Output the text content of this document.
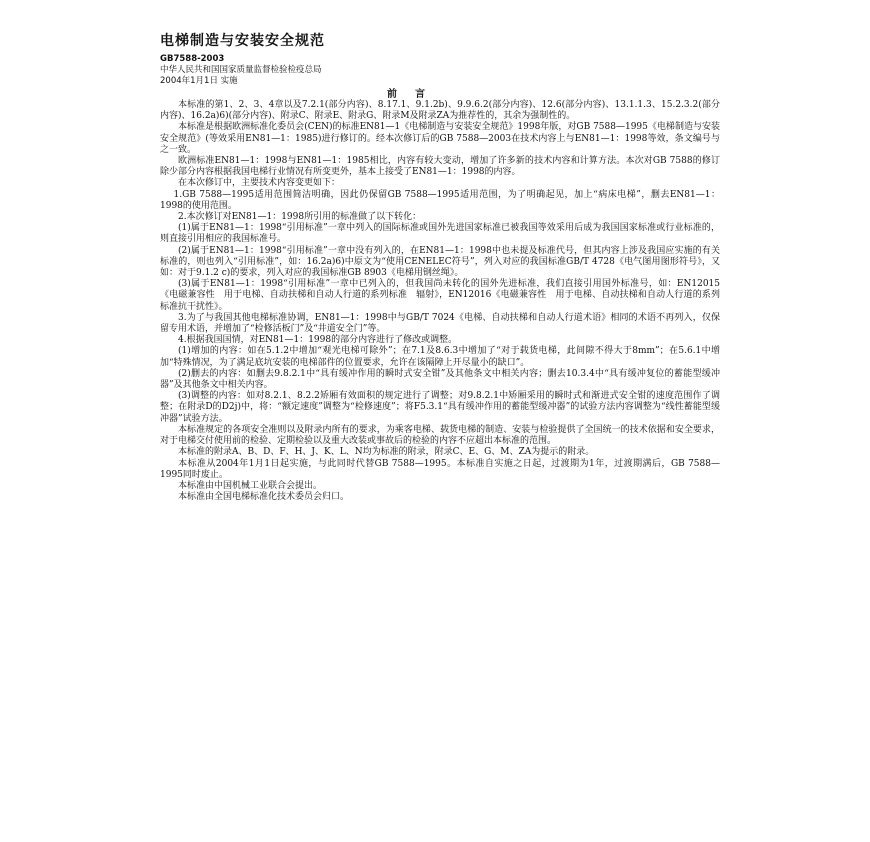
电梯制造与安装安全规范
GB7588-2003
中华人民共和国国家质量监督检验检疫总局
2004年1月1日 实施
前言

本标准的第1、2、3、4章以及7.2.1(部分内容)、8.17.1、9.1.2b)、9.9.6.2(部分内容)、12.6(部分内容)、13.1.1.3、15.2.3.2(部分内容)、16.2a)6)(部分内容)、附录C、附录E、附录G、附录M及附录ZA为推荐性的，其余为强制性的。

本标准是根据欧洲标准化委员会(CEN)的标准EN81—1《电梯制造与安装安全规范》1998年版，对GB 7588—1995《电梯制造与安装安全规范》(等效采用EN81—1：1985)进行修订的。经本次修订后的GB 7588—2003在技术内容上与EN81—1：1998等效，条文编号与之一致。

欧洲标准EN81—1：1998与EN81—1：1985相比，内容有较大变动，增加了许多新的技术内容和计算方法。本次对GB 7588的修订除少部分内容根据我国电梯行业情况有所变更外，基本上接受了EN81—1：1998的内容。

在本次修订中，主要技术内容变更如下：

1.GB 7588—1995适用范围简洁明确，因此仍保留GB 7588—1995适用范围，为了明确起见，加上“病床电梯”，删去EN81—1：1998的使用范围。

2.本次修订对EN81—1：1998所引用的标准做了以下转化：

(1)属于EN81—1：1998“引用标准”一章中列入的国际标准或国外先进国家标准已被我国等效采用后成为我国国家标准或行业标准的，则直接引用相应的我国标准号。

(2)属于EN81—1：1998“引用标准”一章中没有列入的，在EN81—1：1998中也未提及标准代号，但其内容上涉及我国应实施的有关标准的，则也列入“引用标准”，如：16.2a)6)中原文为“使用CENELEC符号”，列入对应的我国标准GB/T 4728《电气图用图形符号》，又如：对于9.1.2 c)的要求，列入对应的我国标准GB 8903《电梯用钢丝绳》。

(3)属于EN81—1：1998“引用标准”一章中已列入的，但我国尚未转化的国外先进标准，我们直接引用国外标准号，如：EN12015《电磁兼容性　用于电梯、自动扶梯和自动人行道的系列标准　辐射》，EN12016《电磁兼容性　用于电梯、自动扶梯和自动人行道的系列标准抗干扰性》。

3.为了与我国其他电梯标准协调，EN81—1：1998中与GB/T 7024《电梯、自动扶梯和自动人行道术语》相同的术语不再列入，仅保留专用术语，并增加了“检修活板门”及“井道安全门”等。

4.根据我国国情，对EN81—1：1998的部分内容进行了修改或调整。

(1)增加的内容：如在5.1.2中增加“观光电梯可除外”；在7.1及8.6.3中增加了“对于载货电梯，此间隙不得大于8mm”；在5.6.1中增加“特殊情况，为了满足底坑安装的电梯部件的位置要求，允许在该隔障上开尽量小的缺口”。

(2)删去的内容：如删去9.8.2.1中“具有缓冲作用的瞬时式安全钳”及其他条文中相关内容；删去10.3.4中“具有缓冲复位的蓄能型缓冲器”及其他条文中相关内容。

(3)调整的内容：如对8.2.1、8.2.2矫厢有效面积的规定进行了调整；对9.8.2.1中矫厢采用的瞬时式和渐进式安全钳的速度范围作了调整；在附录D的D2j)中，将：“额定速度”调整为“检修速度”；将F5.3.1“具有缓冲作用的蓄能型缓冲器”的试验方法内容调整为“线性蓄能型缓冲器”试验方法。

本标准规定的各项安全准则以及附录内所有的要求，为乘客电梯、载货电梯的制造、安装与检验提供了全国统一的技术依据和安全要求，对于电梯交付使用前的检验、定期检验以及重大改装或事故后的检验的内容不应超出本标准的范围。

本标准的附录A、B、D、F、H、J、K、L、N均为标准的附录，附录C、E、G、M、ZA为提示的附录。

本标准从2004年1月1日起实施，与此同时代替GB 7588—1995。本标准自实施之日起，过渡期为1年，过渡期满后，GB 7588—1995同时废止。

本标准由中国机械工业联合会提出。

本标准由全国电梯标准化技术委员会归口。
